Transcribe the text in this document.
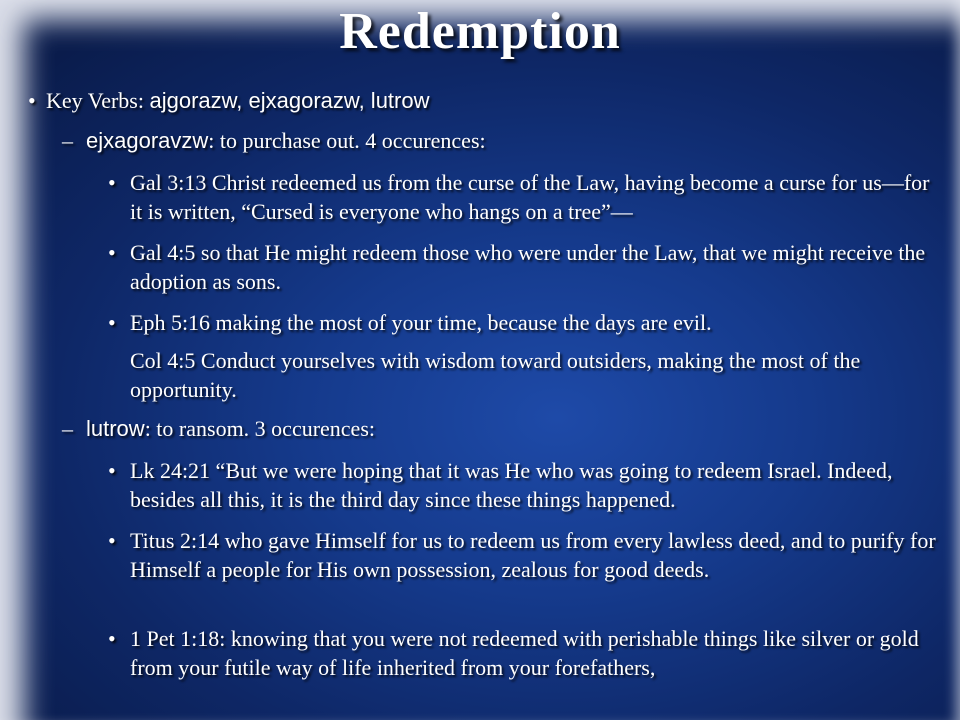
Redemption
• Key Verbs: ajgorazw, ejxagorazw, lutrow
– ejxagoravzw: to purchase out. 4 occurences:
• Gal 3:13 Christ redeemed us from the curse of the Law, having become a curse for us—for it is written, “Cursed is everyone who hangs on a tree”—
• Gal 4:5 so that He might redeem those who were under the Law, that we might receive the adoption as sons.
• Eph 5:16 making the most of your time, because the days are evil.
Col 4:5 Conduct yourselves with wisdom toward outsiders, making the most of the opportunity.
– lutrow: to ransom. 3 occurences:
• Lk 24:21 “But we were hoping that it was He who was going to redeem Israel. Indeed, besides all this, it is the third day since these things happened.
• Titus 2:14 who gave Himself for us to redeem us from every lawless deed, and to purify for Himself a people for His own possession, zealous for good deeds.
• 1 Pet 1:18: knowing that you were not redeemed with perishable things like silver or gold from your futile way of life inherited from your forefathers,
